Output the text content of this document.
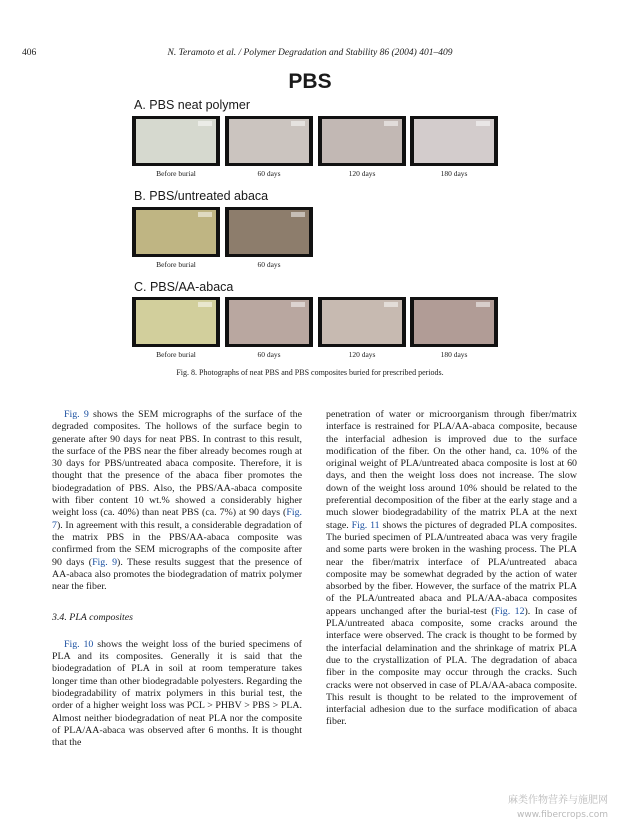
406	N. Teramoto et al. / Polymer Degradation and Stability 86 (2004) 401–409
PBS
A. PBS neat polymer
Before burial	60 days	120 days	180 days
B. PBS/untreated abaca
Before burial	60 days
C. PBS/AA-abaca
Before burial	60 days	120 days	180 days
Fig. 8. Photographs of neat PBS and PBS composites buried for prescribed periods.

Fig. 9 shows the SEM micrographs of the surface of the degraded composites. The hollows of the surface begin to generate after 90 days for neat PBS. In contrast to this result, the surface of the PBS near the fiber already becomes rough at 30 days for PBS/untreated abaca composite. Therefore, it is thought that the presence of the abaca fiber promotes the biodegradation of PBS. Also, the PBS/AA-abaca composite with fiber content 10 wt.% showed a considerably higher weight loss (ca. 40%) than neat PBS (ca. 7%) at 90 days (Fig. 7). In agreement with this result, a considerable degradation of the matrix PBS in the PBS/AA-abaca composite was confirmed from the SEM micrographs of the composite after 90 days (Fig. 9). These results suggest that the presence of AA-abaca also promotes the biodegradation of matrix polymer near the fiber.

3.4. PLA composites

Fig. 10 shows the weight loss of the buried specimens of PLA and its composites. Generally it is said that the biodegradation of PLA in soil at room temperature takes longer time than other biodegradable polyesters. Regarding the biodegradability of matrix polymers in this burial test, the order of a higher weight loss was PCL > PHBV > PBS > PLA. Almost neither biodegradation of neat PLA nor the composite of PLA/AA-abaca was observed after 6 months. It is thought that the

penetration of water or microorganism through fiber/matrix interface is restrained for PLA/AA-abaca composite, because the interfacial adhesion is improved due to the surface modification of the fiber. On the other hand, ca. 10% of the original weight of PLA/untreated abaca composite is lost at 60 days, and then the weight loss does not increase. The slow down of the weight loss around 10% should be related to the preferential decomposition of the fiber at the early stage and a much slower biodegradability of the matrix PLA at the next stage. Fig. 11 shows the pictures of degraded PLA composites. The buried specimen of PLA/untreated abaca was very fragile and some parts were broken in the washing process. The PLA near the fiber/matrix interface of PLA/untreated abaca composite may be somewhat degraded by the action of water absorbed by the fiber. However, the surface of the matrix PLA of the PLA/untreated abaca and PLA/AA-abaca composites appears unchanged after the burial-test (Fig. 12). In case of PLA/untreated abaca composite, some cracks around the interface were observed. The crack is thought to be formed by the interfacial delamination and the shrinkage of matrix PLA due to the crystallization of PLA. The degradation of abaca fiber in the composite may occur through the cracks. Such cracks were not observed in case of PLA/AA-abaca composite. This result is thought to be related to the improvement of interfacial adhesion due to the surface modification of abaca fiber.

麻类作物营养与施肥网
www.fibercrops.com
